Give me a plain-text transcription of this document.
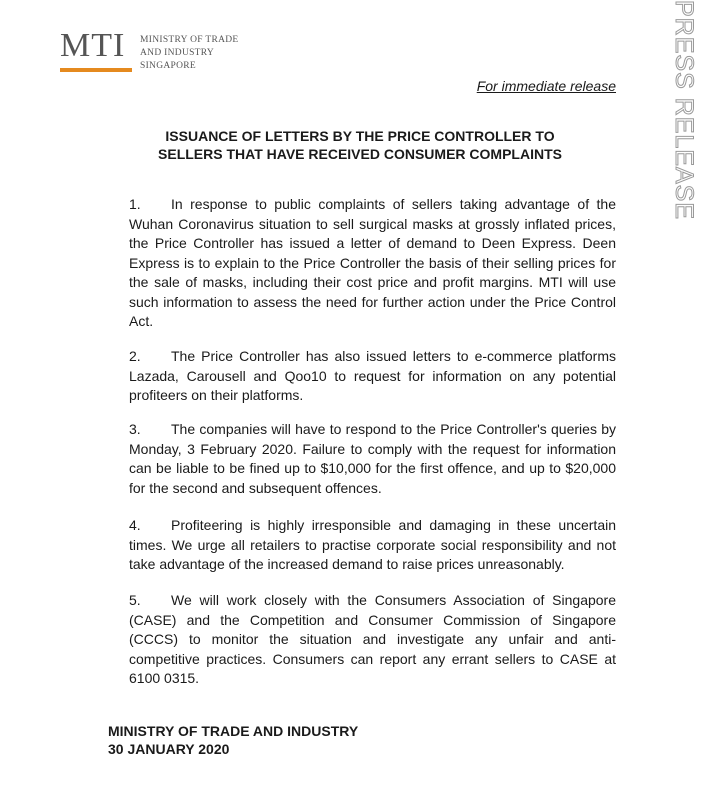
MTI MINISTRY OF TRADE
AND INDUSTRY
SINGAPORE	PRESS RELEASE
For immediate release
ISSUANCE OF LETTERS BY THE PRICE CONTROLLER TO
SELLERS THAT HAVE RECEIVED CONSUMER COMPLAINTS
1. In response to public complaints of sellers taking advantage of the Wuhan Coronavirus situation to sell surgical masks at grossly inflated prices, the Price Controller has issued a letter of demand to Deen Express. Deen Express is to explain to the Price Controller the basis of their selling prices for the sale of masks, including their cost price and profit margins. MTI will use such information to assess the need for further action under the Price Control Act.
2. The Price Controller has also issued letters to e-commerce platforms Lazada, Carousell and Qoo10 to request for information on any potential profiteers on their platforms.
3. The companies will have to respond to the Price Controller's queries by Monday, 3 February 2020. Failure to comply with the request for information can be liable to be fined up to $10,000 for the first offence, and up to $20,000 for the second and subsequent offences.
4. Profiteering is highly irresponsible and damaging in these uncertain times. We urge all retailers to practise corporate social responsibility and not take advantage of the increased demand to raise prices unreasonably.
5. We will work closely with the Consumers Association of Singapore (CASE) and the Competition and Consumer Commission of Singapore (CCCS) to monitor the situation and investigate any unfair and anti-competitive practices. Consumers can report any errant sellers to CASE at 6100 0315.
MINISTRY OF TRADE AND INDUSTRY
30 JANUARY 2020
